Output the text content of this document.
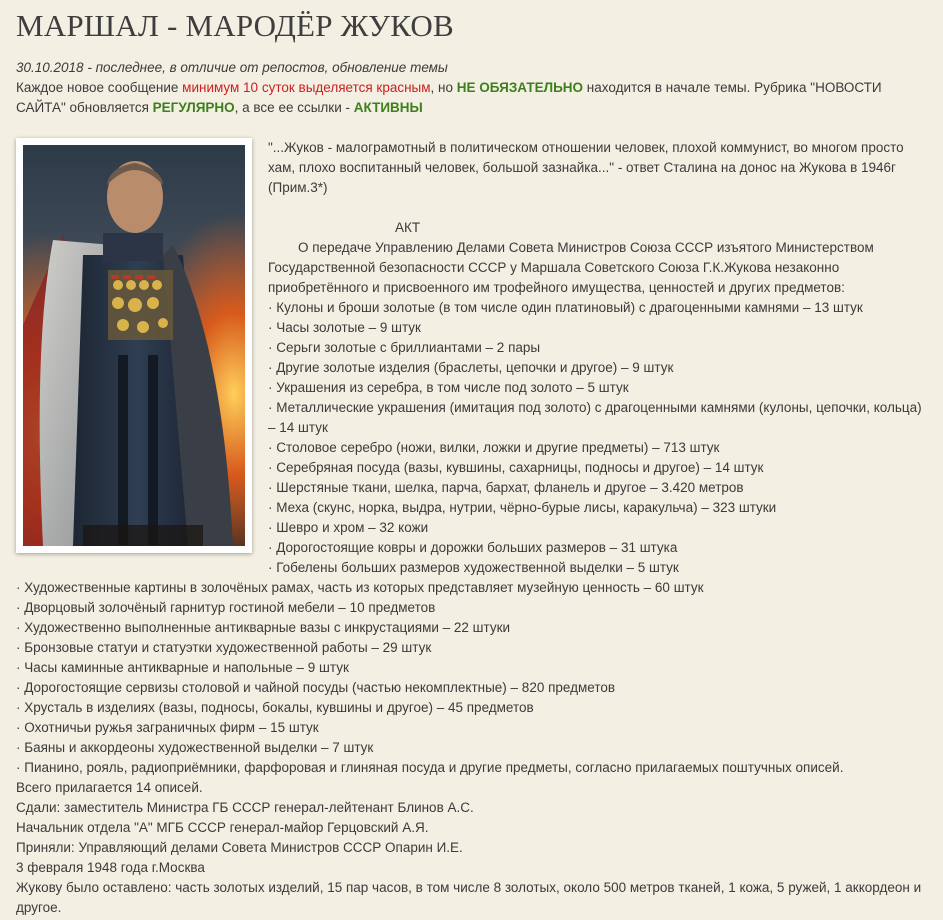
МАРШАЛ - МАРОДЁР ЖУКОВ
30.10.2018 - последнее, в отличие от репостов, обновление темы
Каждое новое сообщение минимум 10 суток выделяется красным, но НЕ ОБЯЗАТЕЛЬНО находится в начале темы. Рубрика "НОВОСТИ
САЙТА" обновляется РЕГУЛЯРНО, а все ее ссылки - АКТИВНЫ
"...Жуков - малограмотный в политическом отношении человек, плохой коммунист, во многом просто
хам, плохо воспитанный человек, большой зазнайка..." - ответ Сталина на донос на Жукова в 1946г
(Прим.3*)
АКТ
О передаче Управлению Делами Совета Министров Союза СССР изъятого Министерством
Государственной безопасности СССР у Маршала Советского Союза Г.К.Жукова незаконно
приобретённого и присвоенного им трофейного имущества, ценностей и других предметов:
· Кулоны и броши золотые (в том числе один платиновый) с драгоценными камнями – 13 штук
· Часы золотые – 9 штук
· Серьги золотые с бриллиантами – 2 пары
· Другие золотые изделия (браслеты, цепочки и другое) – 9 штук
· Украшения из серебра, в том числе под золото – 5 штук
· Металлические украшения (имитация под золото) с драгоценными камнями (кулоны, цепочки, кольца)
– 14 штук
· Столовое серебро (ножи, вилки, ложки и другие предметы) – 713 штук
· Серебряная посуда (вазы, кувшины, сахарницы, подносы и другое) – 14 штук
· Шерстяные ткани, шелка, парча, бархат, фланель и другое – 3.420 метров
· Меха (скунс, норка, выдра, нутрии, чёрно-бурые лисы, каракульча) – 323 штуки
· Шевро и хром – 32 кожи
· Дорогостоящие ковры и дорожки больших размеров – 31 штука
· Гобелены больших размеров художественной выделки – 5 штук
· Художественные картины в золочёных рамах, часть из которых представляет музейную ценность – 60 штук
· Дворцовый золочёный гарнитур гостиной мебели – 10 предметов
· Художественно выполненные антикварные вазы с инкрустациями – 22 штуки
· Бронзовые статуи и статуэтки художественной работы – 29 штук
· Часы каминные антикварные и напольные – 9 штук
· Дорогостоящие сервизы столовой и чайной посуды (частью некомплектные) – 820 предметов
· Хрусталь в изделиях (вазы, подносы, бокалы, кувшины и другое) – 45 предметов
· Охотничьи ружья заграничных фирм – 15 штук
· Баяны и аккордеоны художественной выделки – 7 штук
· Пианино, рояль, радиоприёмники, фарфоровая и глиняная посуда и другие предметы, согласно прилагаемых поштучных описей.
Всего прилагается 14 описей.
Сдали: заместитель Министра ГБ СССР генерал-лейтенант Блинов А.С.
Начальник отдела "А" МГБ СССР генерал-майор Герцовский А.Я.
Приняли: Управляющий делами Совета Министров СССР Опарин И.Е.
3 февраля 1948 года г.Москва
Жукову было оставлено: часть золотых изделий, 15 пар часов, в том числе 8 золотых, около 500 метров тканей, 1 кожа, 5 ружей, 1 аккордеон и
другое.
